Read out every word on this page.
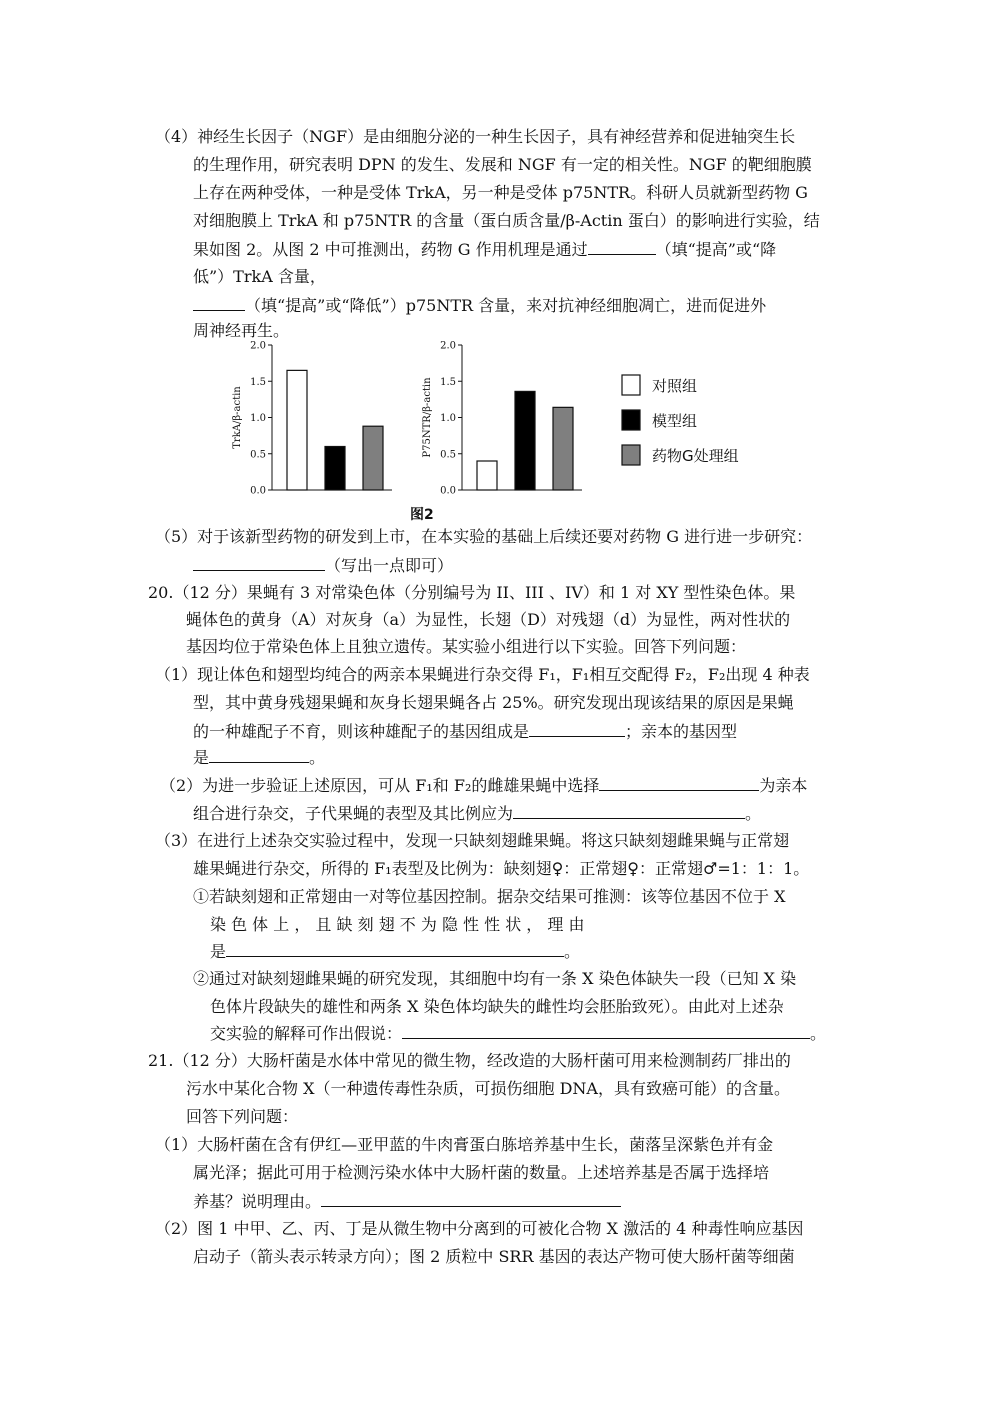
（4）神经生长因子（NGF）是由细胞分泌的一种生长因子，具有神经营养和促进轴突生长
的生理作用，研究表明 DPN 的发生、发展和 NGF 有一定的相关性。NGF 的靶细胞膜
上存在两种受体，一种是受体 TrkA，另一种是受体 p75NTR。科研人员就新型药物 G
对细胞膜上 TrkA 和 p75NTR 的含量（蛋白质含量/β-Actin 蛋白）的影响进行实验，结
果如图 2。从图 2 中可推测出，药物 G 作用机理是通过	（填“提高”或“降
低”）TrkA 含量，
（填“提高”或“降低”）p75NTR 含量，来对抗神经细胞凋亡，进而促进外
周神经再生。
0.0
0.5
1.0
1.5
2.0
TrkA/β-actin
0.0
0.5
1.0
1.5
2.0
P75NTR/β-actin	对照组
模型组
药物G处理组
图2
（5）对于该新型药物的研发到上市，在本实验的基础上后续还要对药物 G 进行进一步研究：
（写出一点即可）
20.（12 分）果蝇有 3 对常染色体（分别编号为 II、III 、IV）和 1 对 XY 型性染色体。果
蝇体色的黄身（A）对灰身（a）为显性，长翅（D）对残翅（d）为显性，两对性状的
基因均位于常染色体上且独立遗传。某实验小组进行以下实验。回答下列问题：
（1）现让体色和翅型均纯合的两亲本果蝇进行杂交得 F₁，F₁相互交配得 F₂，F₂出现 4 种表
型，其中黄身残翅果蝇和灰身长翅果蝇各占 25%。研究发现出现该结果的原因是果蝇
的一种雄配子不育，则该种雄配子的基因组成是	；亲本的基因型
是	。
（2）为进一步验证上述原因，可从 F₁和 F₂的雌雄果蝇中选择	为亲本
组合进行杂交，子代果蝇的表型及其比例应为	。
（3）在进行上述杂交实验过程中，发现一只缺刻翅雌果蝇。将这只缺刻翅雌果蝇与正常翅
雄果蝇进行杂交，所得的 F₁表型及比例为：缺刻翅♀：正常翅♀：正常翅♂=1：1：1。
①若缺刻翅和正常翅由一对等位基因控制。据杂交结果可推测：该等位基因不位于 X
染 色 体 上 ， 且 缺 刻 翅 不 为 隐 性 性 状 ， 理 由
是	。
②通过对缺刻翅雌果蝇的研究发现，其细胞中均有一条 X 染色体缺失一段（已知 X 染
色体片段缺失的雄性和两条 X 染色体均缺失的雌性均会胚胎致死）。由此对上述杂
交实验的解释可作出假说：	。
21.（12 分）大肠杆菌是水体中常见的微生物，经改造的大肠杆菌可用来检测制药厂排出的
污水中某化合物 X（一种遗传毒性杂质，可损伤细胞 DNA，具有致癌可能）的含量。
回答下列问题：
（1）大肠杆菌在含有伊红—亚甲蓝的牛肉膏蛋白胨培养基中生长，菌落呈深紫色并有金
属光泽；据此可用于检测污染水体中大肠杆菌的数量。上述培养基是否属于选择培
养基？说明理由。
（2）图 1 中甲、乙、丙、丁是从微生物中分离到的可被化合物 X 激活的 4 种毒性响应基因
启动子（箭头表示转录方向）；图 2 质粒中 SRR 基因的表达产物可使大肠杆菌等细菌
